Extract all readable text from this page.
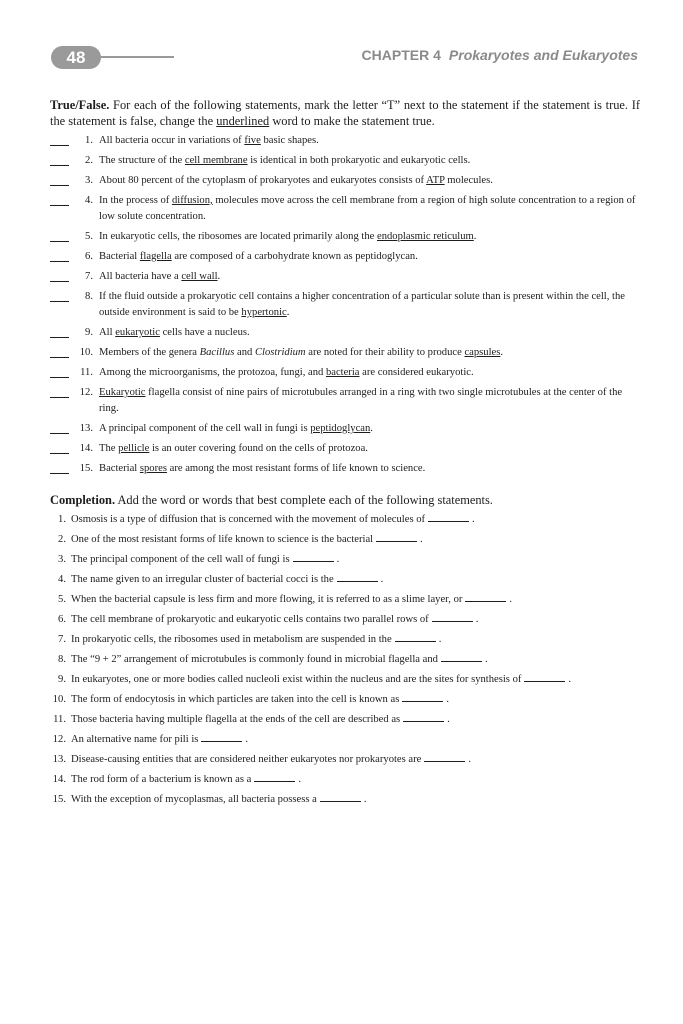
48	CHAPTER 4 Prokaryotes and Eukaryotes

True/False. For each of the following statements, mark the letter “T” next to the statement if the statement is true. If the statement is false, change the underlined word to make the statement true.

1. All bacteria occur in variations of five basic shapes.
2. The structure of the cell membrane is identical in both prokaryotic and eukaryotic cells.
3. About 80 percent of the cytoplasm of prokaryotes and eukaryotes consists of ATP molecules.
4. In the process of diffusion, molecules move across the cell membrane from a region of high solute concentration to a region of low solute concentration.
5. In eukaryotic cells, the ribosomes are located primarily along the endoplasmic reticulum.
6. Bacterial flagella are composed of a carbohydrate known as peptidoglycan.
7. All bacteria have a cell wall.
8. If the fluid outside a prokaryotic cell contains a higher concentration of a particular solute than is present within the cell, the outside environment is said to be hypertonic.
9. All eukaryotic cells have a nucleus.
10. Members of the genera Bacillus and Clostridium are noted for their ability to produce capsules.
11. Among the microorganisms, the protozoa, fungi, and bacteria are considered eukaryotic.
12. Eukaryotic flagella consist of nine pairs of microtubules arranged in a ring with two single microtubules at the center of the ring.
13. A principal component of the cell wall in fungi is peptidoglycan.
14. The pellicle is an outer covering found on the cells of protozoa.
15. Bacterial spores are among the most resistant forms of life known to science.

Completion. Add the word or words that best complete each of the following statements.

1. Osmosis is a type of diffusion that is concerned with the movement of molecules of	.
2. One of the most resistant forms of life known to science is the bacterial	.
3. The principal component of the cell wall of fungi is	.
4. The name given to an irregular cluster of bacterial cocci is the	.
5. When the bacterial capsule is less firm and more flowing, it is referred to as a slime layer, or	.
6. The cell membrane of prokaryotic and eukaryotic cells contains two parallel rows of	.
7. In prokaryotic cells, the ribosomes used in metabolism are suspended in the	.
8. The “9 + 2” arrangement of microtubules is commonly found in microbial flagella and	.
9. In eukaryotes, one or more bodies called nucleoli exist within the nucleus and are the sites for synthesis of	.
10. The form of endocytosis in which particles are taken into the cell is known as	.
11. Those bacteria having multiple flagella at the ends of the cell are described as	.
12. An alternative name for pili is	.
13. Disease-causing entities that are considered neither eukaryotes nor prokaryotes are	.
14. The rod form of a bacterium is known as a	.
15. With the exception of mycoplasmas, all bacteria possess a	.
